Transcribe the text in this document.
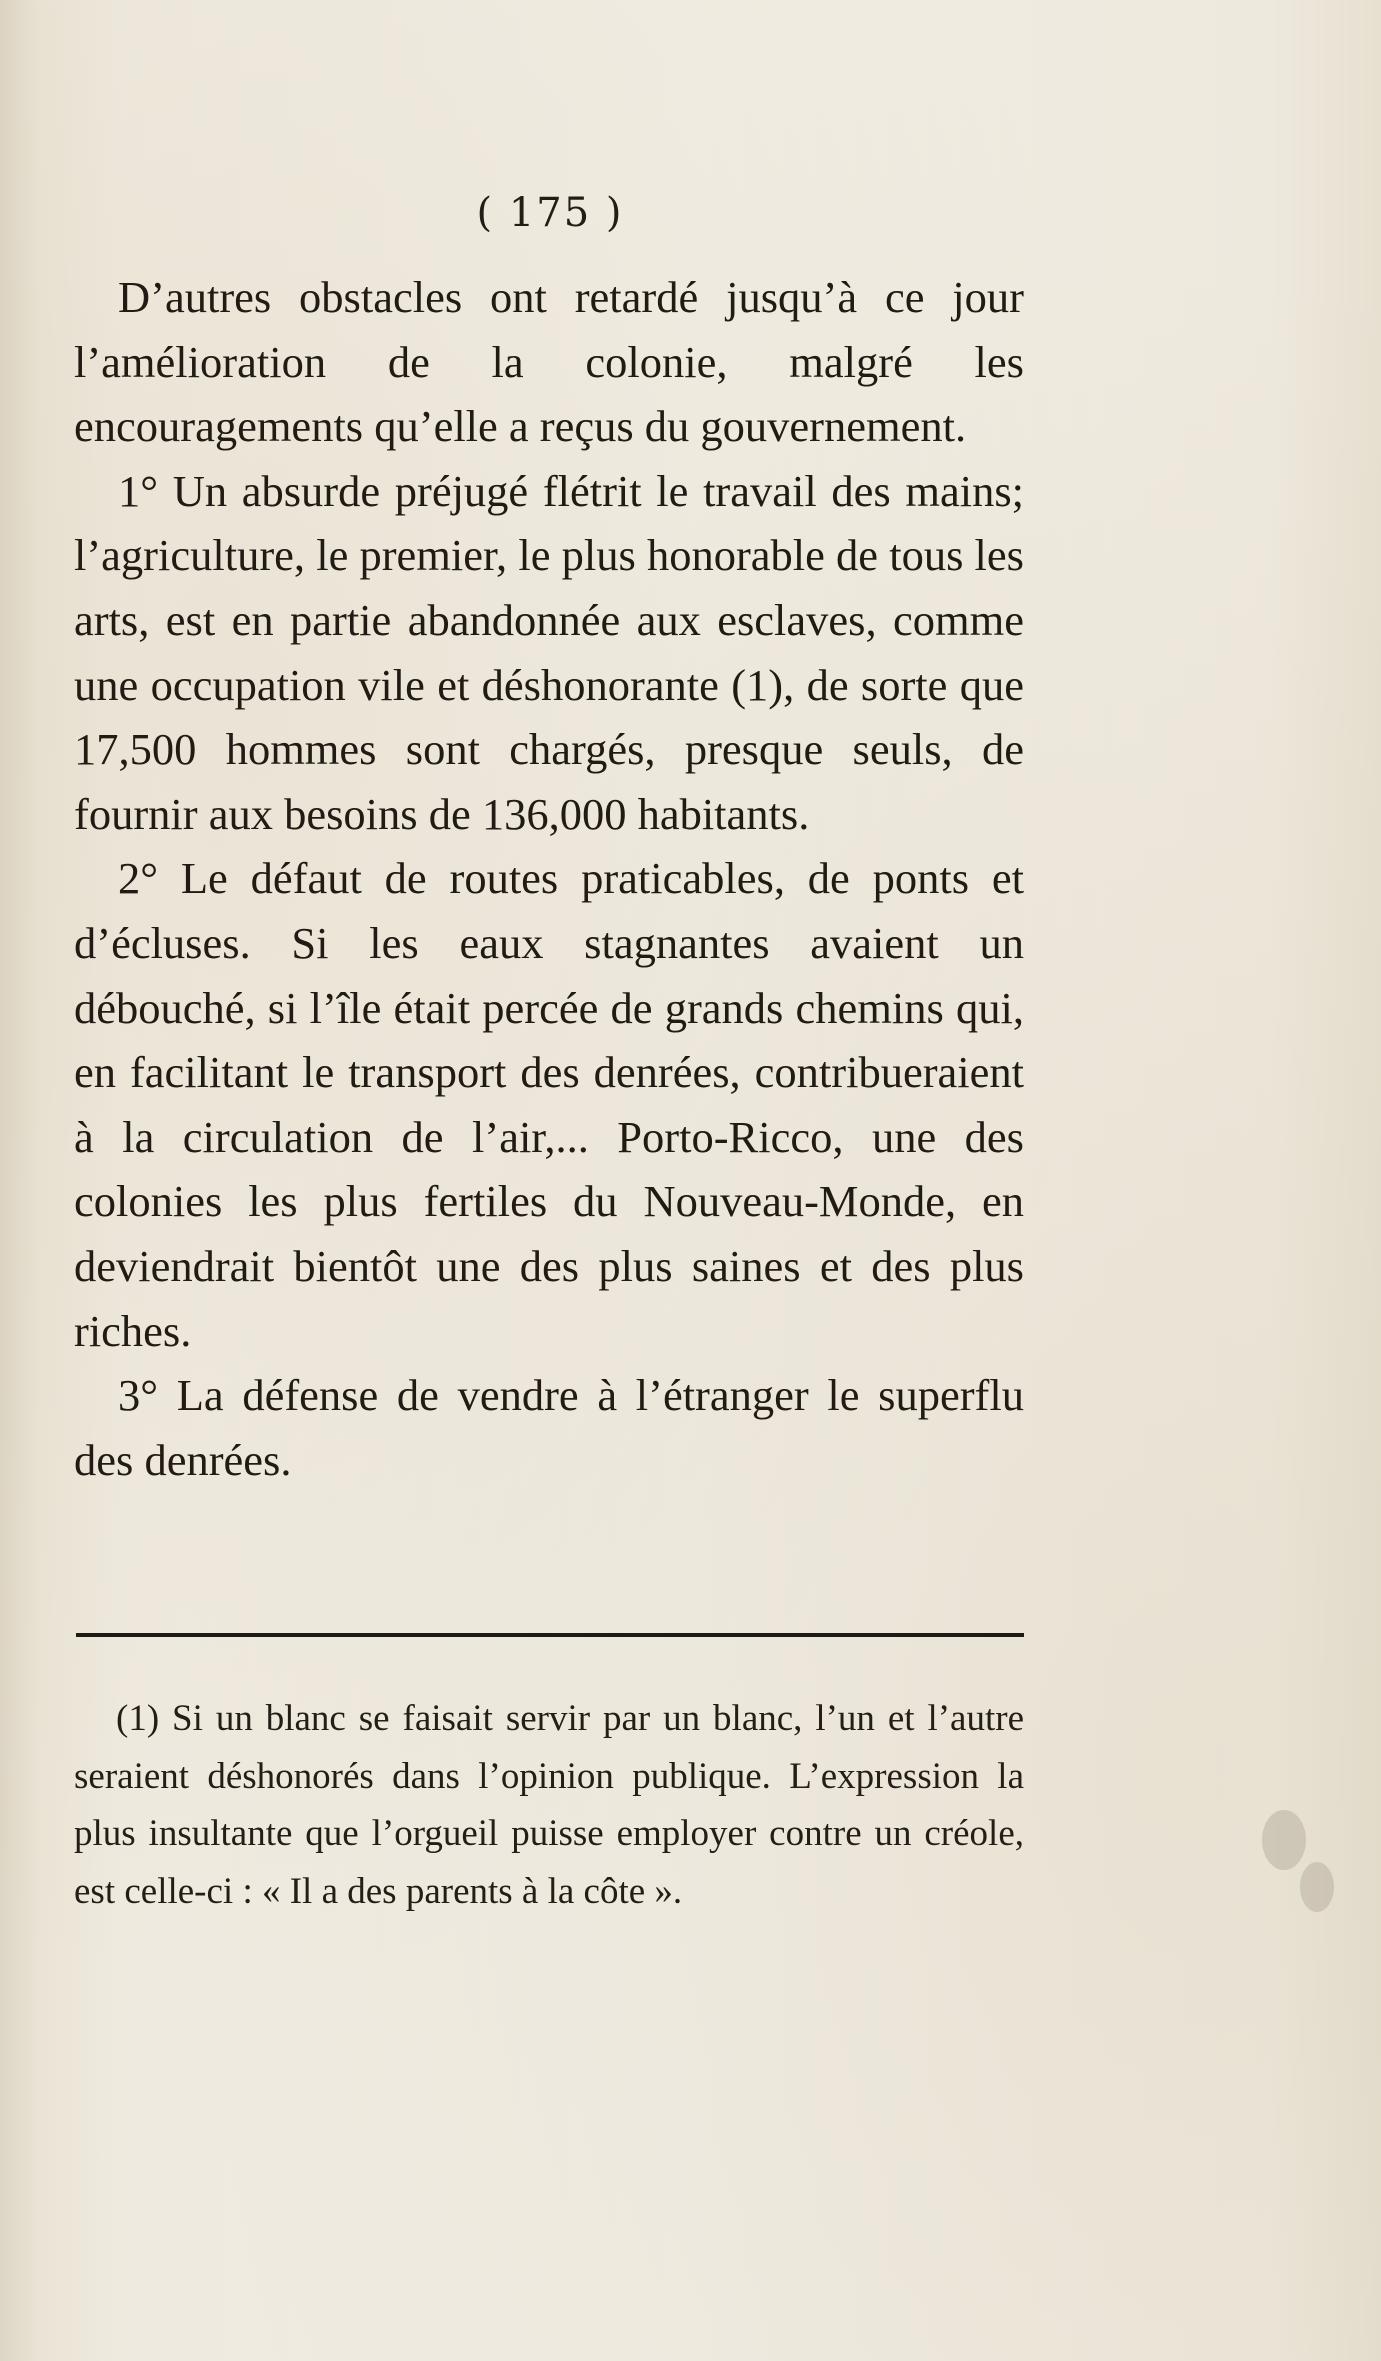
( 175 )

D’autres obstacles ont retardé jusqu’à ce jour l’amélioration de la colonie, malgré les encouragements qu’elle a reçus du gouvernement.

1° Un absurde préjugé flétrit le travail des mains; l’agriculture, le premier, le plus honorable de tous les arts, est en partie abandonnée aux esclaves, comme une occupation vile et déshonorante (1), de sorte que 17,500 hommes sont chargés, presque seuls, de fournir aux besoins de 136,000 habitants.

2° Le défaut de routes praticables, de ponts et d’écluses. Si les eaux stagnantes avaient un débouché, si l’île était percée de grands chemins qui, en facilitant le transport des denrées, contribueraient à la circulation de l’air,... Porto-Ricco, une des colonies les plus fertiles du Nouveau-Monde, en deviendrait bientôt une des plus saines et des plus riches.

3° La défense de vendre à l’étranger le superflu des denrées.

(1) Si un blanc se faisait servir par un blanc, l’un et l’autre seraient déshonorés dans l’opinion publique. L’expression la plus insultante que l’orgueil puisse employer contre un créole, est celle-ci : « Il a des parents à la côte ».
